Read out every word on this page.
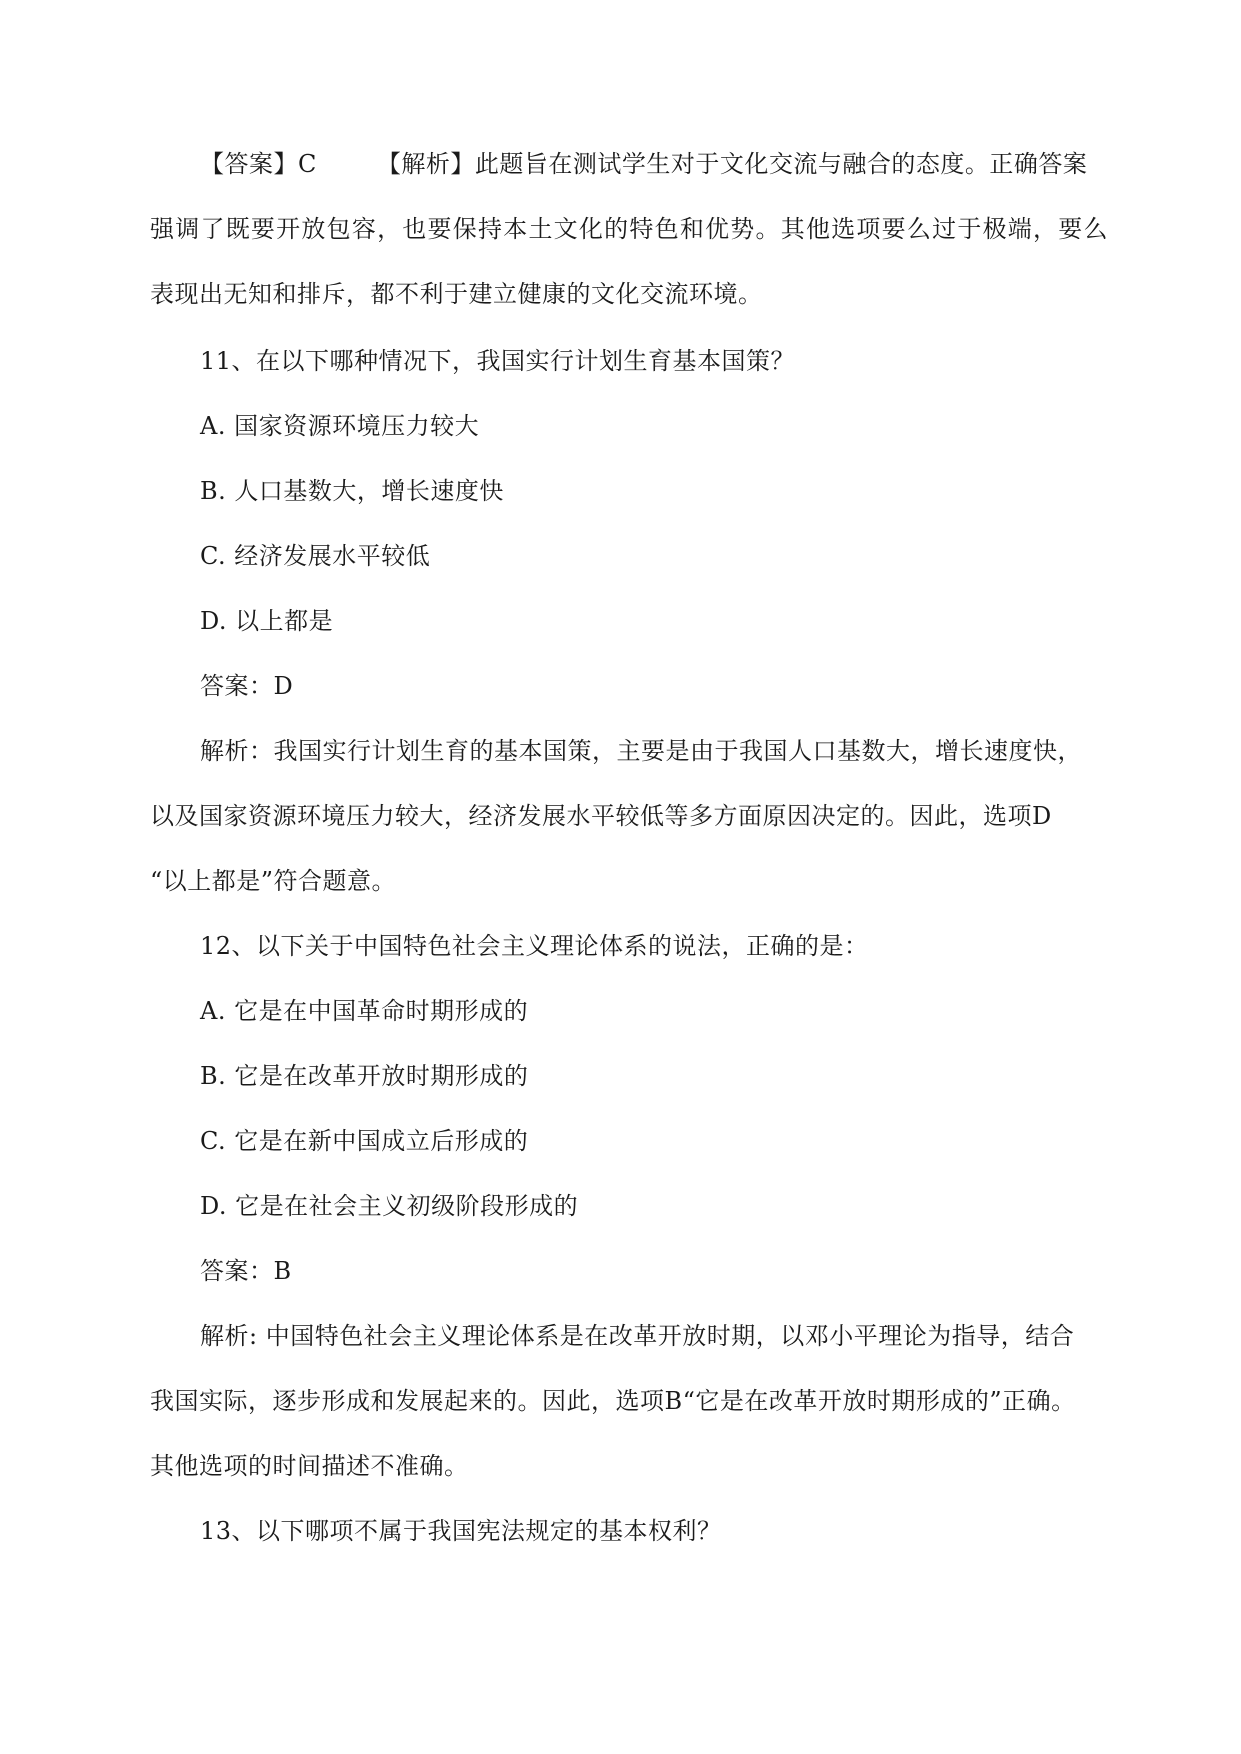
【答案】C	【解析】此题旨在测试学生对于文化交流与融合的态度。正确答案
强调了既要开放包容，也要保持本土文化的特色和优势。其他选项要么过于极端，要么
表现出无知和排斥，都不利于建立健康的文化交流环境。
11、在以下哪种情况下，我国实行计划生育基本国策？
A. 国家资源环境压力较大
B. 人口基数大，增长速度快
C. 经济发展水平较低
D. 以上都是
答案：D
解析：我国实行计划生育的基本国策，主要是由于我国人口基数大，增长速度快，
以及国家资源环境压力较大，经济发展水平较低等多方面原因决定的。因此，选项D
“以上都是”符合题意。
12、以下关于中国特色社会主义理论体系的说法，正确的是：
A. 它是在中国革命时期形成的
B. 它是在改革开放时期形成的
C. 它是在新中国成立后形成的
D. 它是在社会主义初级阶段形成的
答案：B
解析: 中国特色社会主义理论体系是在改革开放时期，以邓小平理论为指导，结合
我国实际，逐步形成和发展起来的。因此，选项B“它是在改革开放时期形成的”正确。
其他选项的时间描述不准确。
13、以下哪项不属于我国宪法规定的基本权利？
